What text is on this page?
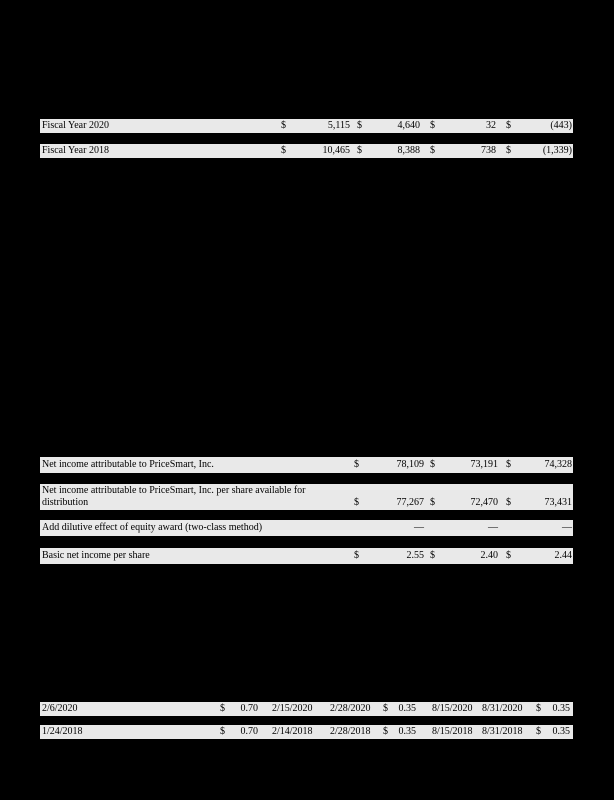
Fiscal Year 2020	$	5,115 $	4,640 $	32 $	(443)
Fiscal Year 2018	$	10,465 $	8,388 $	738 $	(1,339)
Net income attributable to PriceSmart, Inc.	$	78,109 $	73,191 $	74,328
Net income attributable to PriceSmart, Inc. per share available for
distribution	$	77,267 $	72,470 $	73,431
Add dilutive effect of equity award (two-class method)	—	—	—
Basic net income per share	$	2.55 $	2.40 $	2.44
2/6/2020	$	0.70 2/15/2020 2/28/2020 $	0.35 8/15/2020 8/31/2020 $	0.35
1/24/2018	$	0.70 2/14/2018 2/28/2018 $	0.35 8/15/2018 8/31/2018 $	0.35
